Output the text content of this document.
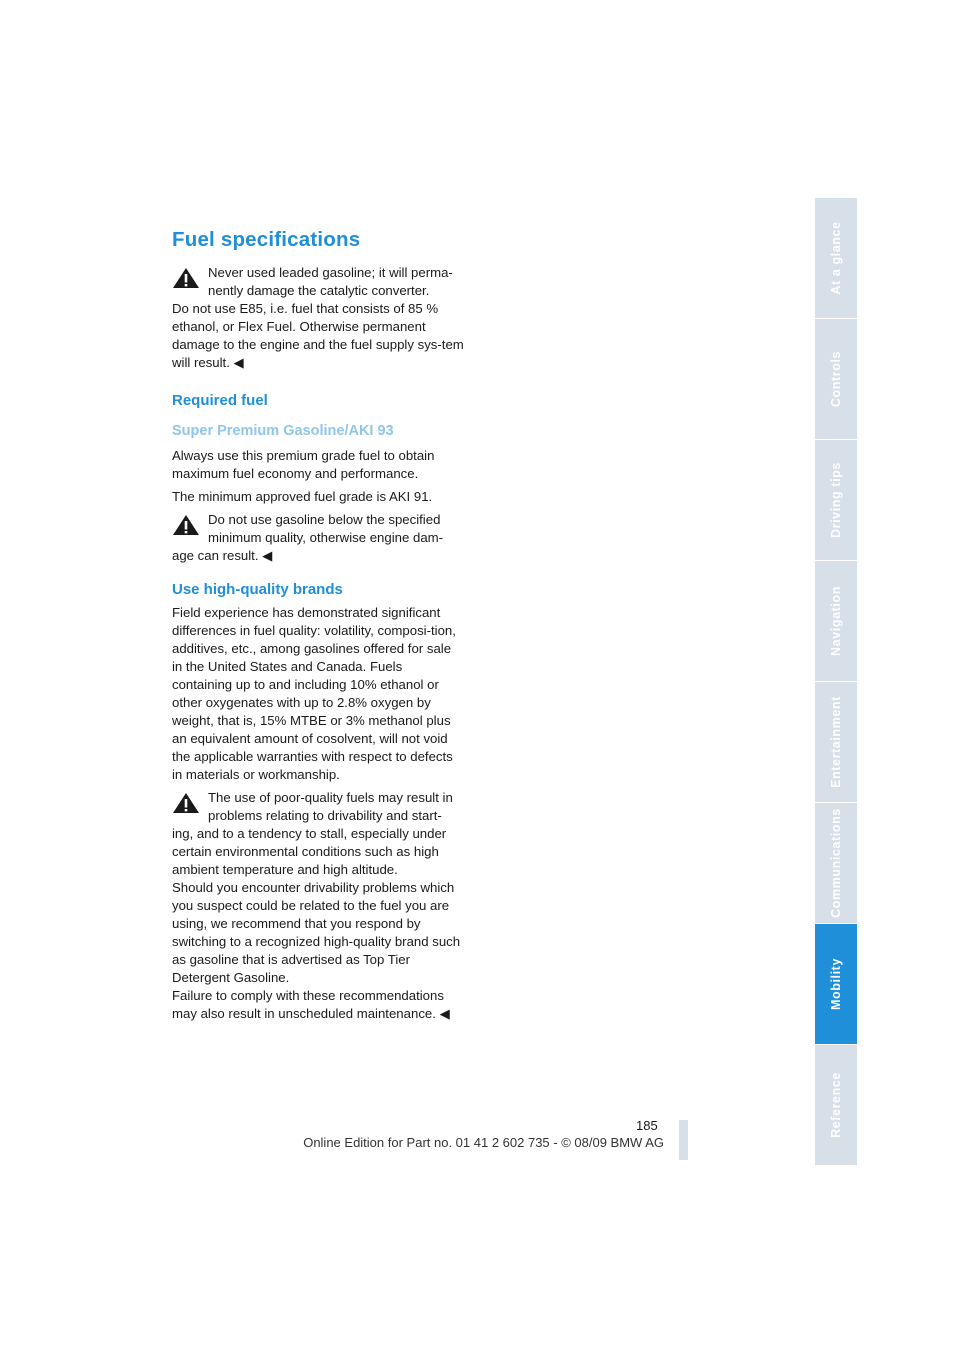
Fuel specifications
Never used leaded gasoline; it will perma-
nently damage the catalytic converter.
Do not use E85, i.e. fuel that consists of 85 % ethanol, or Flex Fuel. Otherwise permanent damage to the engine and the fuel supply sys-tem will result. ◀
Required fuel
Super Premium Gasoline/AKI 93

Always use this premium grade fuel to obtain maximum fuel economy and performance.

The minimum approved fuel grade is AKI 91.

Do not use gasoline below the specified
minimum quality, otherwise engine dam-
age can result. ◀
Use high-quality brands

Field experience has demonstrated significant differences in fuel quality: volatility, composi-tion, additives, etc., among gasolines offered for sale in the United States and Canada. Fuels containing up to and including 10% ethanol or other oxygenates with up to 2.8% oxygen by weight, that is, 15% MTBE or 3% methanol plus an equivalent amount of cosolvent, will not void the applicable warranties with respect to defects in materials or workmanship.

The use of poor-quality fuels may result in
problems relating to drivability and start-
ing, and to a tendency to stall, especially under certain environmental conditions such as high ambient temperature and high altitude.
Should you encounter drivability problems which you suspect could be related to the fuel you are using, we recommend that you respond by switching to a recognized high-quality brand such as gasoline that is advertised as Top Tier Detergent Gasoline.
Failure to comply with these recommendations may also result in unscheduled maintenance. ◀
At a glance
Controls
Driving tips
Navigation
Entertainment
Communications
Mobility
Reference
185
Online Edition for Part no. 01 41 2 602 735 - © 08/09 BMW AG
